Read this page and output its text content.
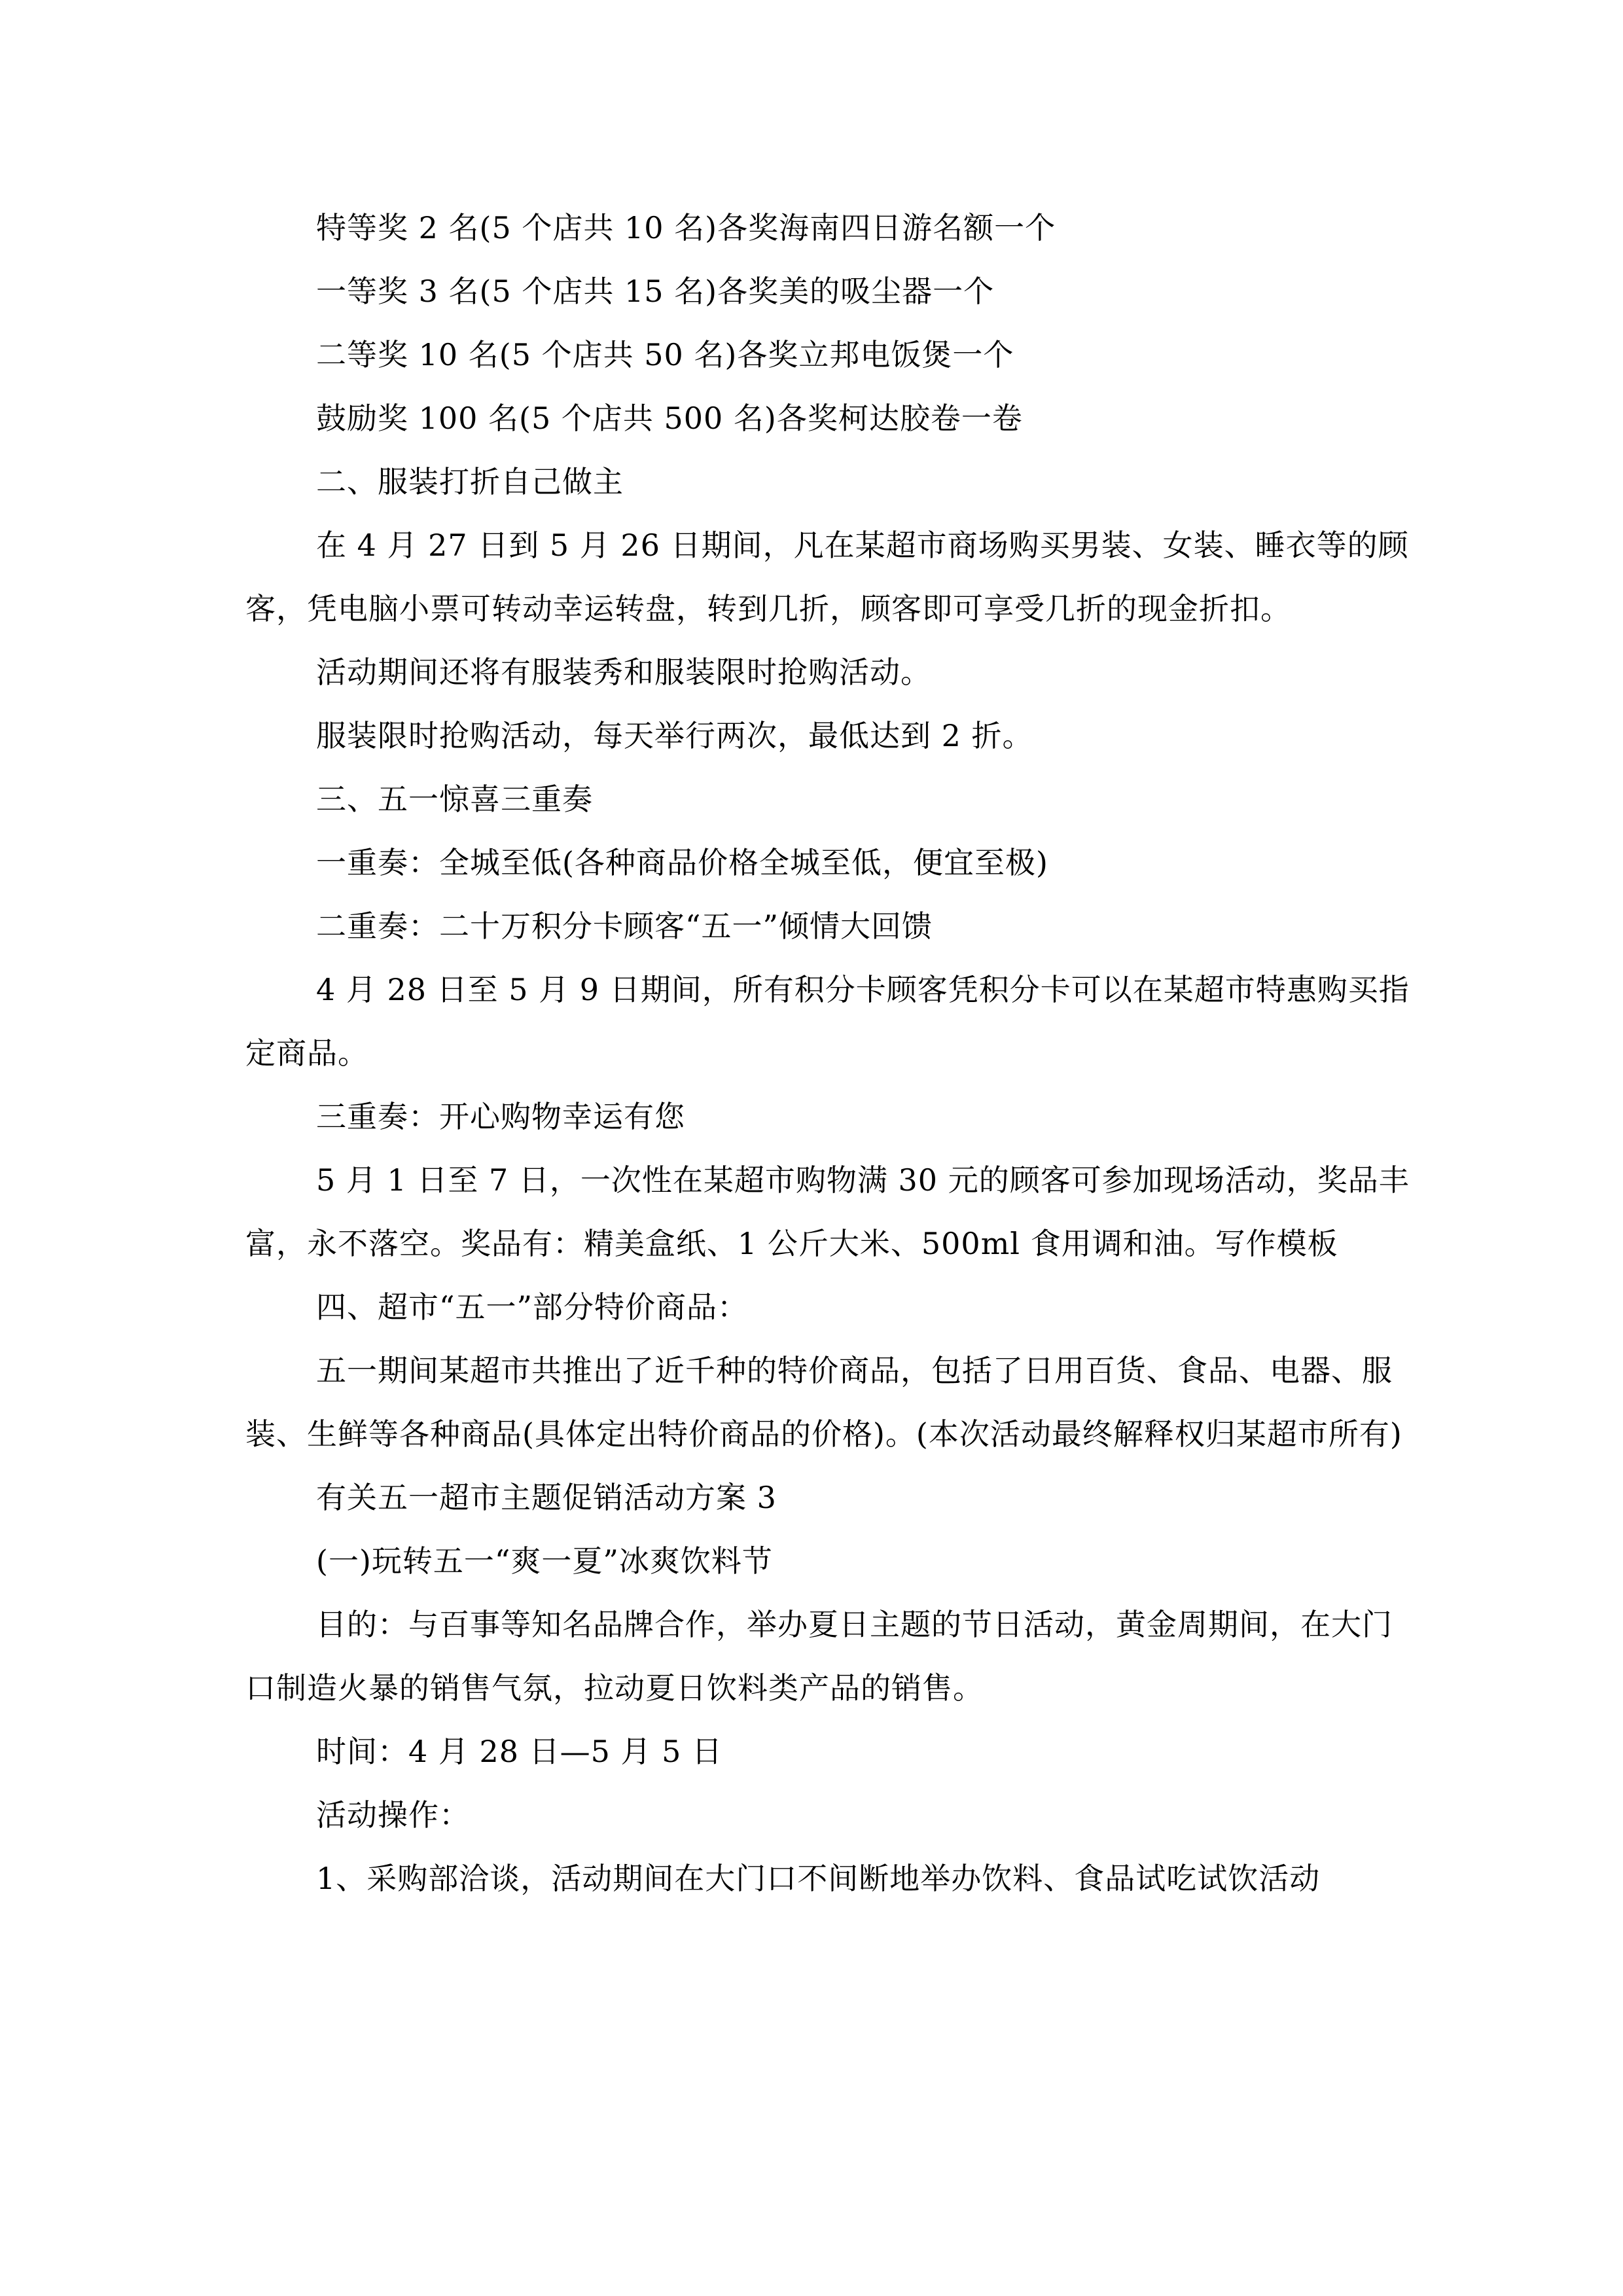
特等奖 2 名(5 个店共 10 名)各奖海南四日游名额一个

一等奖 3 名(5 个店共 15 名)各奖美的吸尘器一个

二等奖 10 名(5 个店共 50 名)各奖立邦电饭煲一个

鼓励奖 100 名(5 个店共 500 名)各奖柯达胶卷一卷

二、服装打折自己做主

在 4 月 27 日到 5 月 26 日期间，凡在某超市商场购买男装、女装、睡衣等的顾客，凭电脑小票可转动幸运转盘，转到几折，顾客即可享受几折的现金折扣。

活动期间还将有服装秀和服装限时抢购活动。

服装限时抢购活动，每天举行两次，最低达到 2 折。

三、五一惊喜三重奏

一重奏：全城至低(各种商品价格全城至低，便宜至极)

二重奏：二十万积分卡顾客“五一”倾情大回馈

4 月 28 日至 5 月 9 日期间，所有积分卡顾客凭积分卡可以在某超市特惠购买指定商品。

三重奏：开心购物幸运有您

5 月 1 日至 7 日，一次性在某超市购物满 30 元的顾客可参加现场活动，奖品丰富，永不落空。奖品有：精美盒纸、1 公斤大米、500ml 食用调和油。写作模板

四、超市“五一”部分特价商品：

五一期间某超市共推出了近千种的特价商品，包括了日用百货、食品、电器、服装、生鲜等各种商品(具体定出特价商品的价格)。(本次活动最终解释权归某超市所有)

有关五一超市主题促销活动方案 3

(一)玩转五一“爽一夏”冰爽饮料节

目的：与百事等知名品牌合作，举办夏日主题的节日活动，黄金周期间，在大门口制造火暴的销售气氛，拉动夏日饮料类产品的销售。

时间：4 月 28 日—5 月 5 日

活动操作：

1、采购部洽谈，活动期间在大门口不间断地举办饮料、食品试吃试饮活动
